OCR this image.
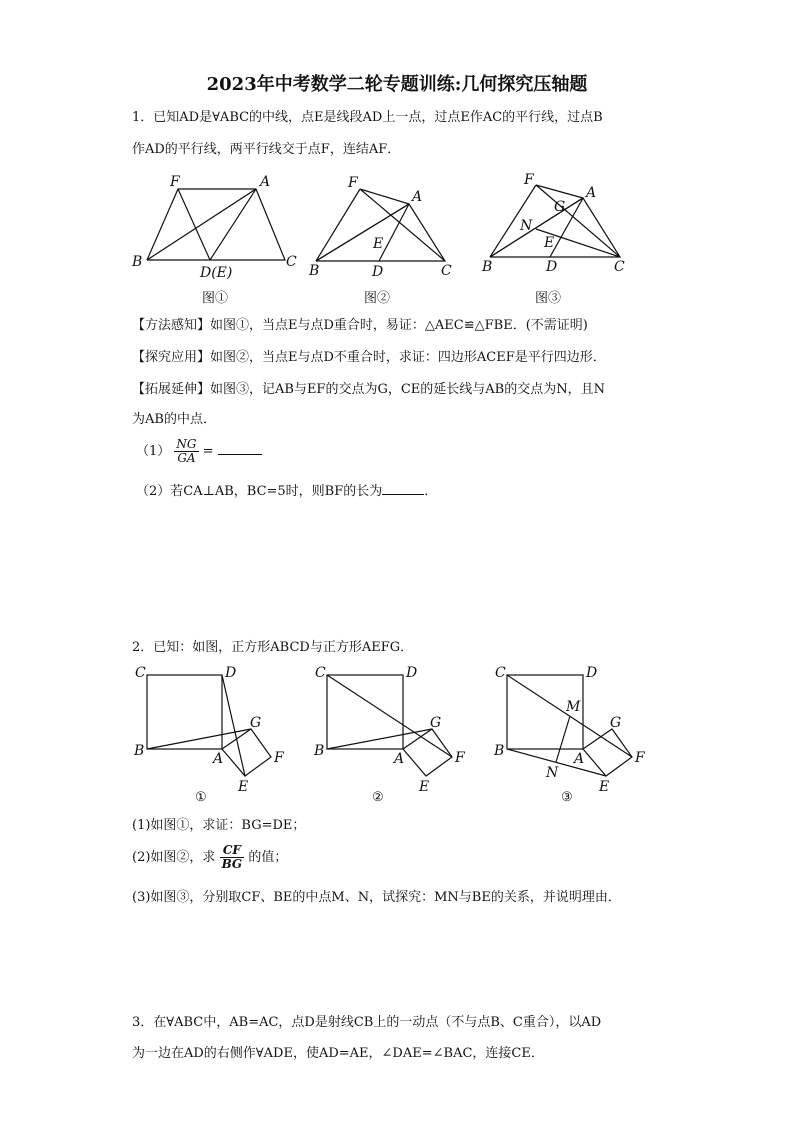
2023年中考数学二轮专题训练:几何探究压轴题
1．已知AD是∀ABC的中线，点E是线段AD上一点，过点E作AC的平行线，过点B
作AD的平行线，两平行线交于点F，连结AF．
F	A
B
D(E)
C
F
A
E
B	D	C
F
A
G
N
E
B	D	C
图①	图②	图③
【方法感知】如图①，当点E与点D重合时，易证：△AEC≌△FBE．(不需证明)
【探究应用】如图②，当点E与点D不重合时，求证：四边形ACEF是平行四边形．
【拓展延伸】如图③，记AB与EF的交点为G，CE的延长线与AB的交点为N，且N
为AB的中点．
$(1) \frac{NG}{GA}$ =
（2）若CA⊥AB，BC=5时，则BF的长为	．
2．已知：如图，正方形ABCD与正方形AEFG．
C	D
G
B	A	F
E
C	D
G
B	A	F
E
C	D
G
B	A	F
E
M
N
①	②	③
(1)如图①，求证：BG=DE；
(2)如图②，求 $\frac{CF}{BG}$ 的值；
(3)如图③，分别取CF、BE的中点M、N，试探究：MN与BE的关系，并说明理由．
3．在∀ABC中，AB=AC，点D是射线CB上的一动点（不与点B、C重合），以AD
为一边在AD的右侧作∀ADE，使AD=AE，∠DAE=∠BAC，连接CE．
